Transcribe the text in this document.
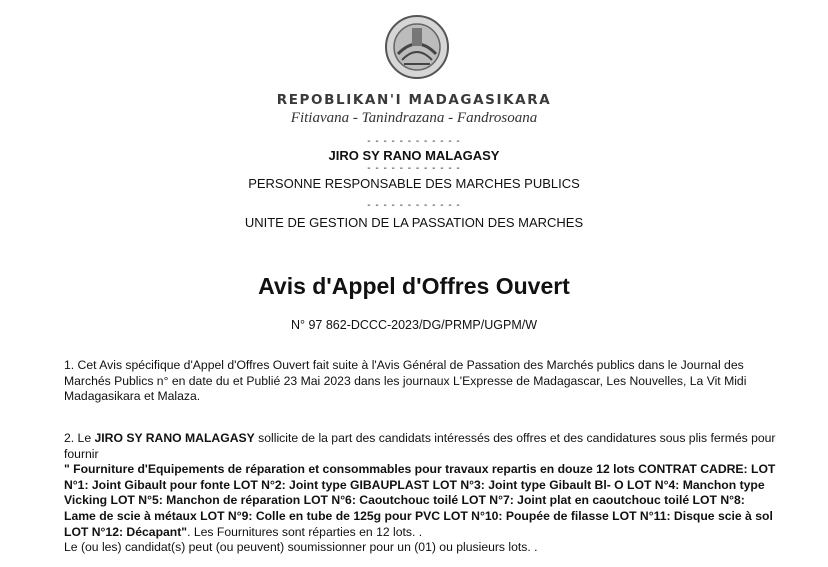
REPOBLIKAN'I MADAGASIKARA
Fitiavana - Tanindrazana - Fandrosoana
- - - - - - - - - - - -
JIRO SY RANO MALAGASY
- - - - - - - - - - - -
PERSONNE RESPONSABLE DES MARCHES PUBLICS
- - - - - - - - - - - -
UNITE DE GESTION DE LA PASSATION DES MARCHES
Avis d'Appel d'Offres Ouvert
N° 97 862-DCCC-2023/DG/PRMP/UGPM/W
1. Cet Avis spécifique d'Appel d'Offres Ouvert fait suite à l'Avis Général de Passation des Marchés publics dans le Journal des Marchés Publics n° en date du et Publié 23 Mai 2023 dans les journaux L'Expresse de Madagascar, Les Nouvelles, La Vit Midi Madagasikara et Malaza.
2. Le JIRO SY RANO MALAGASY sollicite de la part des candidats intéressés des offres et des candidatures sous plis fermés pour fournir
" Fourniture d'Equipements de réparation et consommables pour travaux repartis en douze 12 lots CONTRAT CADRE: LOT N°1: Joint Gibault pour fonte LOT N°2: Joint type GIBAUPLAST LOT N°3: Joint type Gibault Bl- O LOT N°4: Manchon type Vicking LOT N°5: Manchon de réparation LOT N°6: Caoutchouc toilé LOT N°7: Joint plat en caoutchouc toilé LOT N°8: Lame de scie à métaux LOT N°9: Colle en tube de 125g pour PVC LOT N°10: Poupée de filasse LOT N°11: Disque scie à sol LOT N°12: Décapant". Les Fournitures sont réparties en 12 lots. .
Le (ou les) candidat(s) peut (ou peuvent) soumissionner pour un (01) ou plusieurs lots. .
